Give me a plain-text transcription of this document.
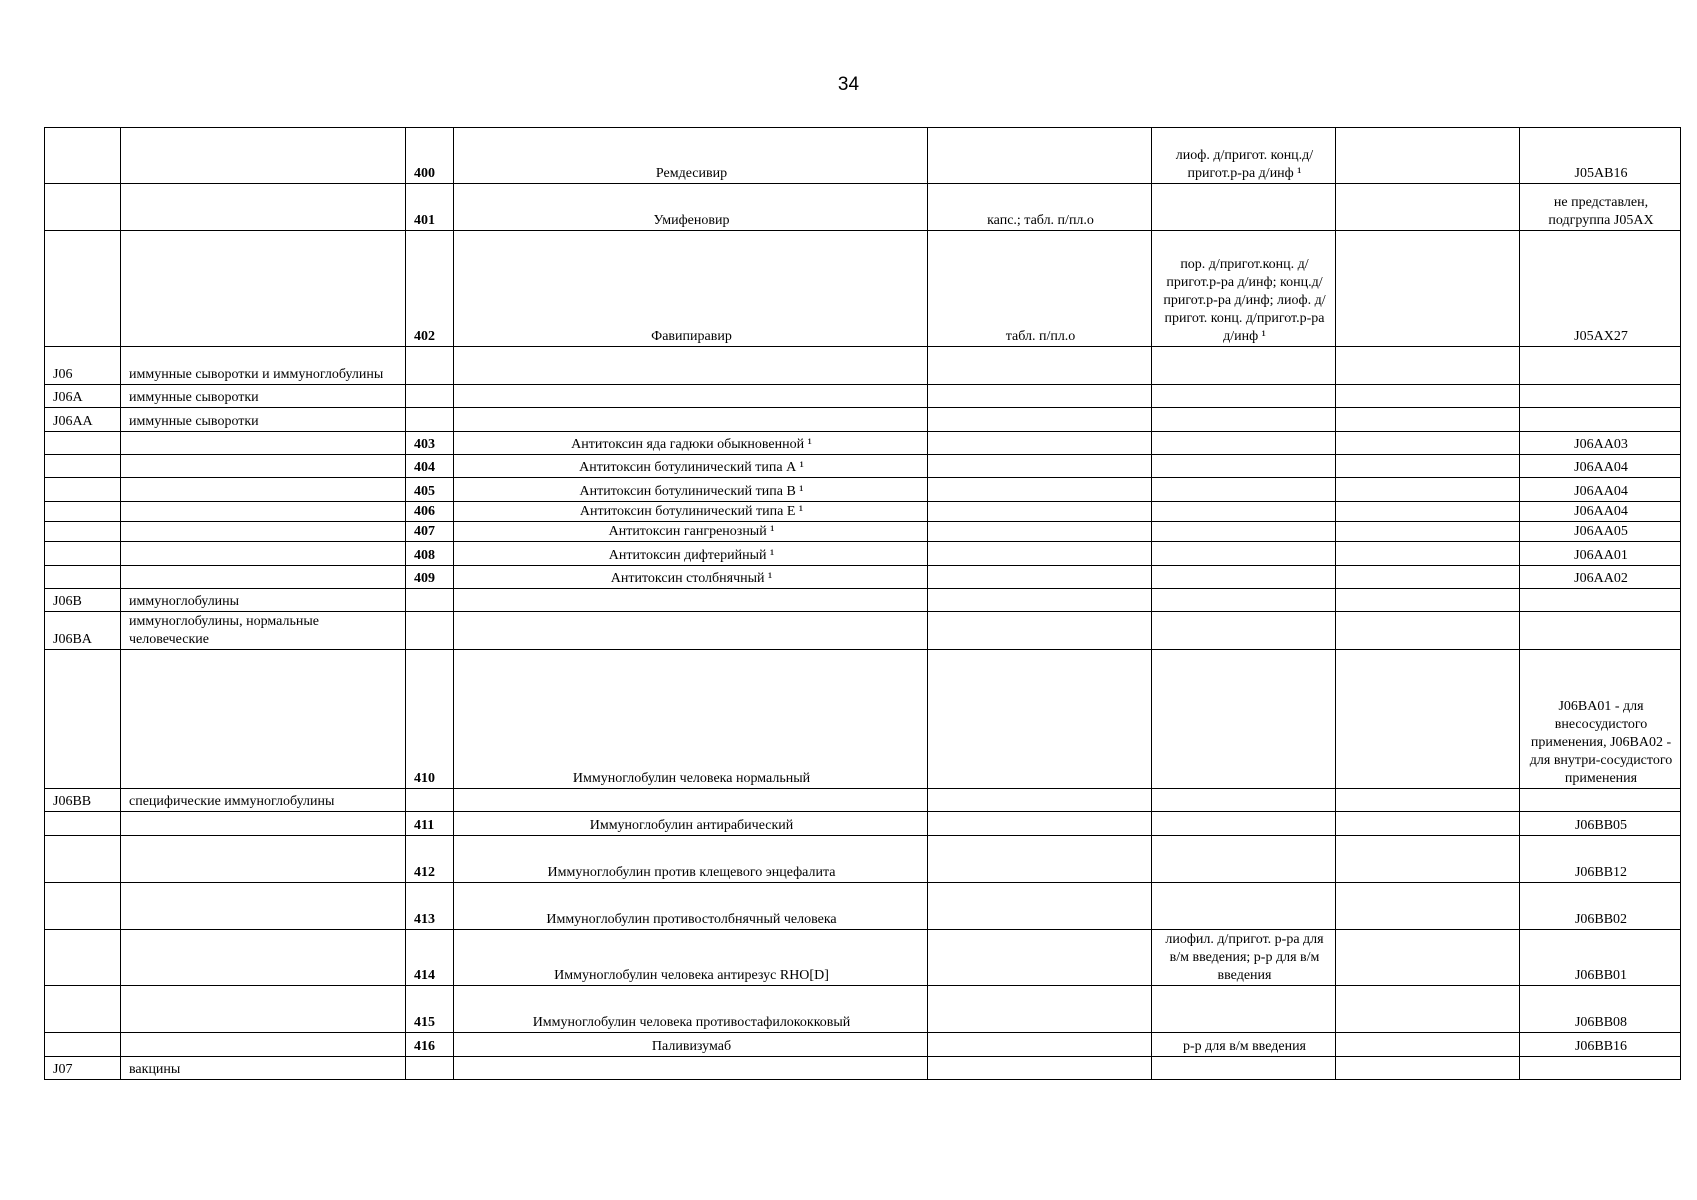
34
		400	Ремдесивир		лиоф. д/пригот. конц.д/пригот.р-ра д/инф ¹		J05AB16
		401	Умифеновир	капс.; табл. п/пл.о			не представлен, подгруппа J05AX
		402	Фавипиравир	табл. п/пл.о	пор. д/пригот.конц. д/пригот.р-ра д/инф; конц.д/пригот.р-ра д/инф; лиоф. д/пригот. конц. д/пригот.р-ра д/инф ¹		J05AX27
J06	иммунные сыворотки и иммуноглобулины						
J06A	иммунные сыворотки						
J06AA	иммунные сыворотки						
		403	Антитоксин яда гадюки обыкновенной ¹				J06AA03
		404	Антитоксин ботулинический типа А ¹				J06AA04
		405	Антитоксин ботулинический типа В ¹				J06AA04
		406	Антитоксин ботулинический типа Е ¹				J06AA04
		407	Антитоксин гангренозный ¹				J06AA05
		408	Антитоксин дифтерийный ¹				J06AA01
		409	Антитоксин столбнячный ¹				J06AA02
J06B	иммуноглобулины						
J06BA	иммуноглобулины, нормальные человеческие						
		410	Иммуноглобулин человека нормальный				J06BA01 - для внесосудистого применения, J06BA02 - для внутри-сосудистого применения
J06BB	специфические иммуноглобулины						
		411	Иммуноглобулин антирабический				J06BB05
		412	Иммуноглобулин против клещевого энцефалита				J06BB12
		413	Иммуноглобулин противостолбнячный человека				J06BB02
		414	Иммуноглобулин человека антирезус RHO[D]		лиофил. д/пригот. р-ра для в/м введения; р-р для в/м введения		J06BB01
		415	Иммуноглобулин человека противостафилококковый				J06BB08
		416	Паливизумаб		р-р для в/м введения		J06BB16
J07	вакцины						
